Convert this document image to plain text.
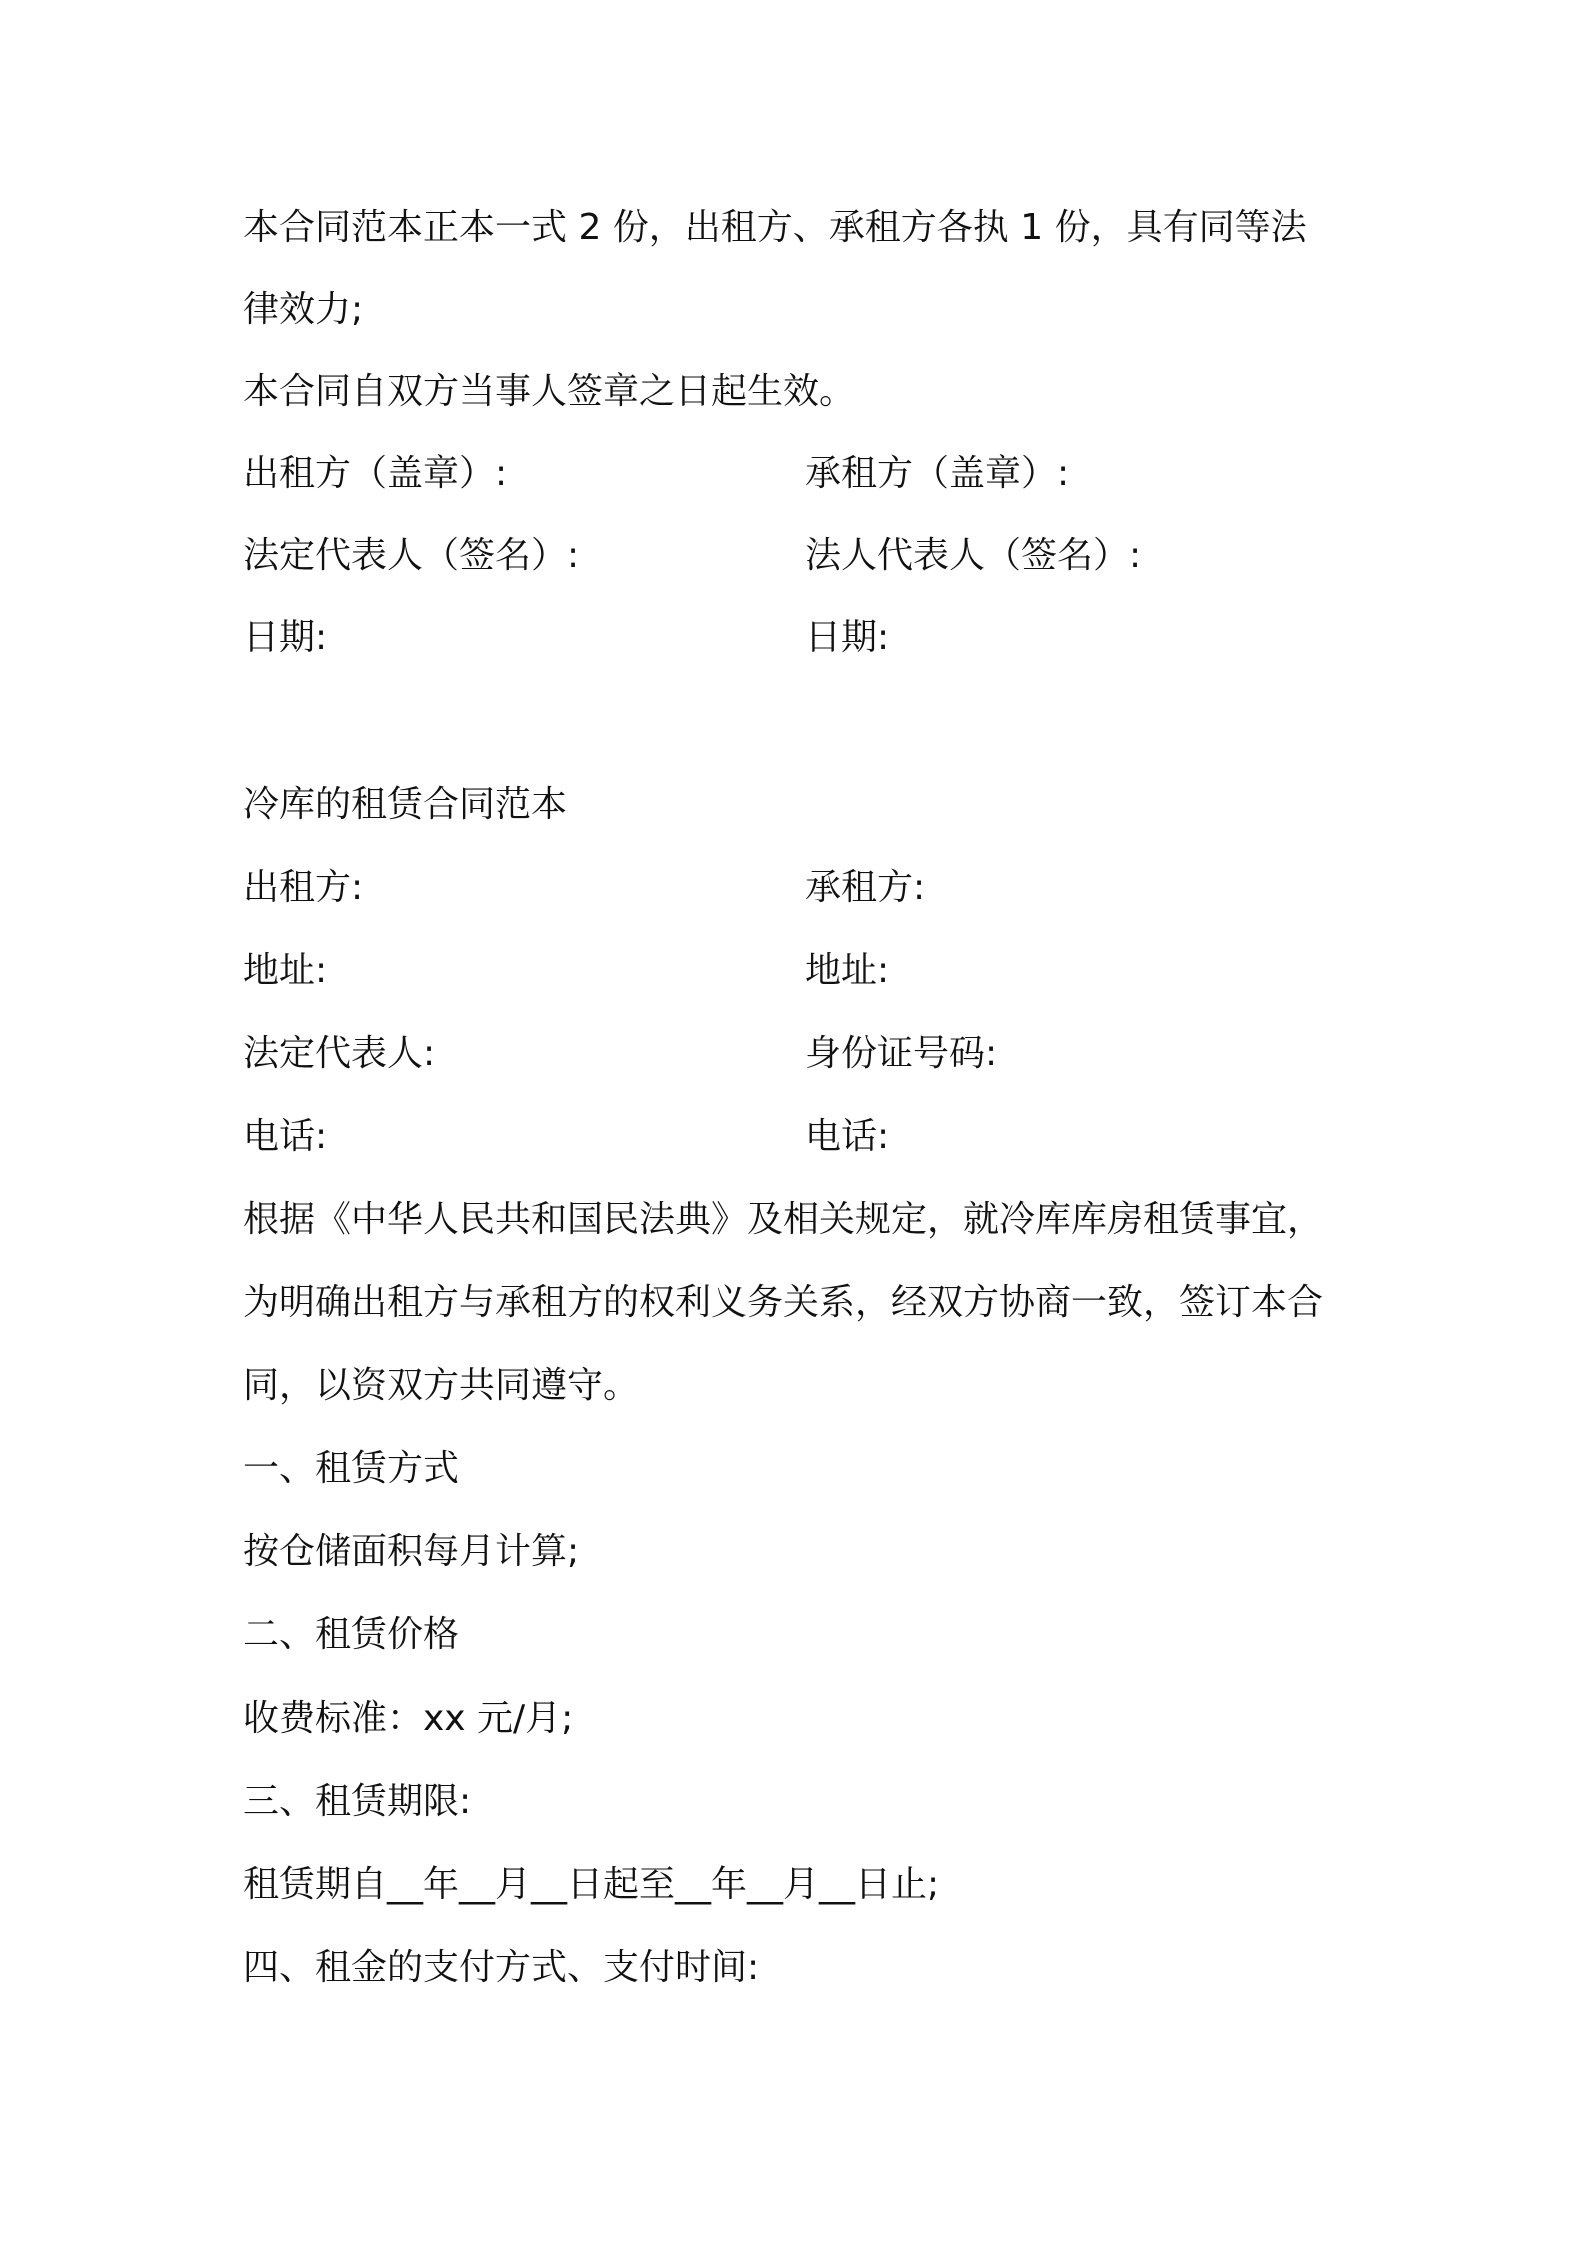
本合同范本正本一式 2 份，出租方、承租方各执 1 份，具有同等法
律效力;
本合同自双方当事人签章之日起生效。
出租方（盖章）:	承租方（盖章）:
法定代表人（签名）:	法人代表人（签名）:
日期:	日期:
冷库的租赁合同范本
出租方:	承租方:
地址:	地址:
法定代表人:	身份证号码:
电话:	电话:
根据《中华人民共和国民法典》及相关规定，就冷库库房租赁事宜，
为明确出租方与承租方的权利义务关系，经双方协商一致，签订本合
同，以资双方共同遵守。
一、租赁方式
按仓储面积每月计算;
二、租赁价格
收费标准：xx 元/月;
三、租赁期限:
租赁期自__年__月__日起至__年__月__日止;
四、租金的支付方式、支付时间:
